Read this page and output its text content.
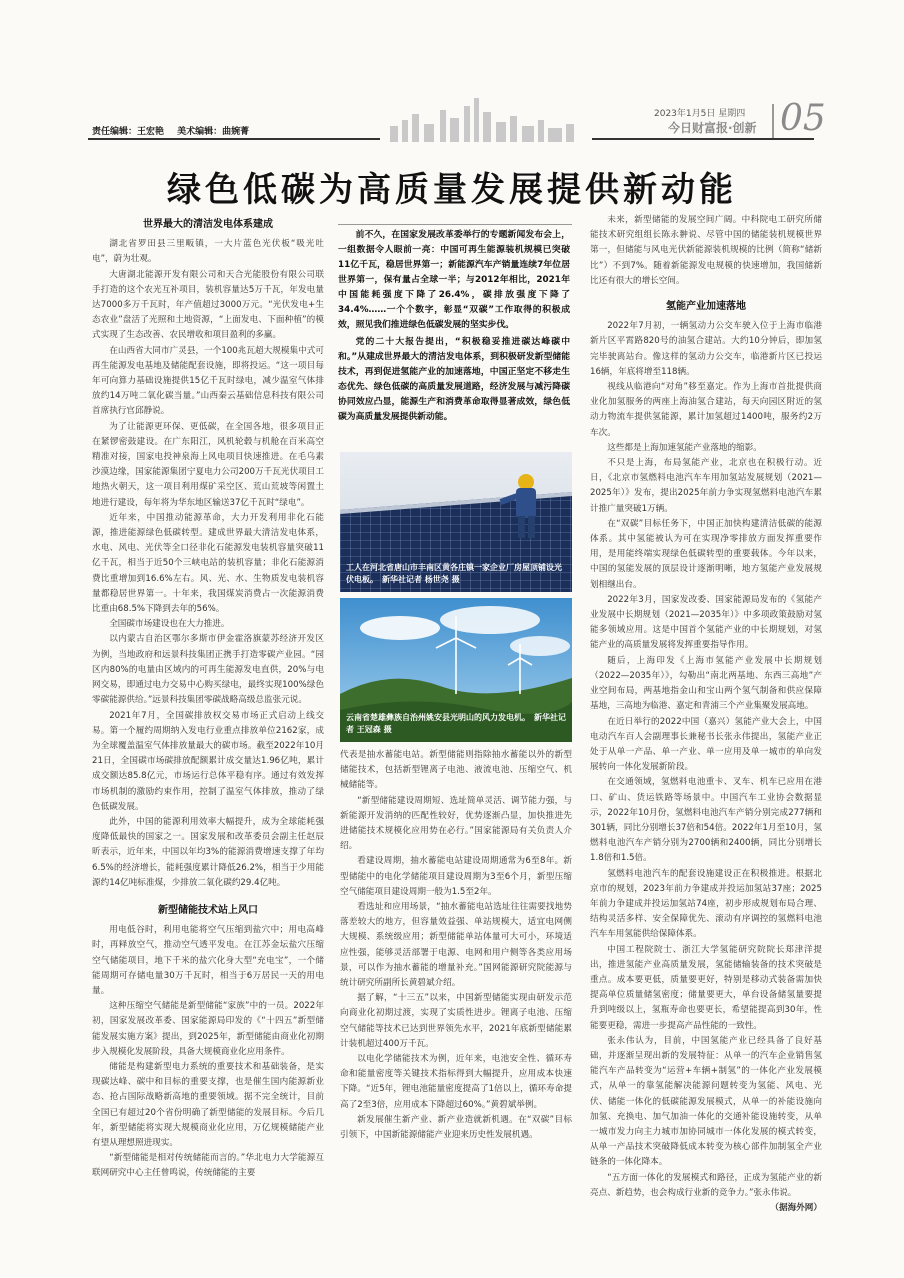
责任编辑：王宏艳 美术编辑：曲婉菁
2023年1月5日 星期四
今日财富报·创新 05
绿色低碳为高质量发展提供新动能
世界最大的清洁发电体系建成

湖北省罗田县三里畈镇，一大片蓝色光伏板“吸光吐电”，蔚为壮观。

大唐湖北能源开发有限公司和天合光能股份有限公司联手打造的这个农光互补项目，装机容量达5万千瓦，年发电量达7000多万千瓦时，年产值超过3000万元。“光伏发电+生态农业”盘活了光照和土地资源，“上面发电、下面种植”的模式实现了生态改善、农民增收和项目盈利的多赢。

在山西省大同市广灵县，一个100兆瓦超大规模集中式可再生能源发电基地及储能配套设施，即将投运。“这一项目每年可向算力基础设施提供15亿千瓦时绿电，减少温室气体排放约14万吨二氧化碳当量。”山西秦云基础信息科技有限公司首席执行官邱静说。

为了让能源更环保、更低碳，在全国各地，很多项目正在紧锣密鼓建设。在广东阳江，风机轮毂与机舱在百米高空精准对接，国家电投神泉海上风电项目快速推进。在毛乌素沙漠边缘，国家能源集团宁夏电力公司200万千瓦光伏项目工地热火朝天，这一项目利用煤矿采空区、荒山荒坡等闲置土地进行建设，每年将为华东地区输送37亿千瓦时“绿电”。

近年来，中国推动能源革命，大力开发利用非化石能源，推进能源绿色低碳转型。建成世界最大清洁发电体系，水电、风电、光伏等全口径非化石能源发电装机容量突破11亿千瓦，相当于近50个三峡电站的装机容量；非化石能源消费比重增加到16.6%左右。风、光、水、生物质发电装机容量都稳居世界第一。十年来，我国煤炭消费占一次能源消费比重由68.5%下降到去年的56%。

全国碳市场建设也在大力推进。

以内蒙古自治区鄂尔多斯市伊金霍洛旗蒙苏经济开发区为例，当地政府和远景科技集团正携手打造零碳产业园。“园区内80%的电量由区域内的可再生能源发电直供，20%与电网交易，即通过电力交易中心购买绿电，最终实现100%绿色零碳能源供给。”远景科技集团零碳战略高级总监张元说。

2021年7月，全国碳排放权交易市场正式启动上线交易。第一个履约周期纳入发电行业重点排放单位2162家，成为全球覆盖温室气体排放量最大的碳市场。截至2022年10月21日，全国碳市场碳排放配额累计成交量达1.96亿吨，累计成交额达85.8亿元，市场运行总体平稳有序。通过有效发挥市场机制的激励约束作用，控制了温室气体排放，推动了绿色低碳发展。

此外，中国的能源利用效率大幅提升，成为全球能耗强度降低最快的国家之一。国家发展和改革委员会副主任赵辰昕表示，近年来，中国以年均3%的能源消费增速支撑了年均6.5%的经济增长，能耗强度累计降低26.2%，相当于少用能源约14亿吨标准煤，少排放二氧化碳约29.4亿吨。

新型储能技术站上风口

用电低谷时，利用电能将空气压缩到盐穴中；用电高峰时，再释放空气，推动空气透平发电。在江苏金坛盐穴压缩空气储能项目，地下千米的盐穴化身大型“充电宝”，一个储能周期可存储电量30万千瓦时，相当于6万居民一天的用电量。

这种压缩空气储能是新型储能“家族”中的一员。2022年初，国家发展改革委、国家能源局印发的《“十四五”新型储能发展实施方案》提出，到2025年，新型储能由商业化初期步入规模化发展阶段，具备大规模商业化应用条件。

储能是构建新型电力系统的重要技术和基础装备，是实现碳达峰、碳中和目标的重要支撑，也是催生国内能源新业态、抢占国际战略新高地的重要领域。据不完全统计，目前全国已有超过20个省份明确了新型储能的发展目标。今后几年，新型储能将实现大规模商业化应用，万亿规模储能产业有望从理想照进现实。

“新型储能是相对传统储能而言的。”华北电力大学能源互联网研究中心主任曾鸣说，传统储能的主要

前不久，在国家发展改革委举行的专题新闻发布会上，一组数据令人眼前一亮：中国可再生能源装机规模已突破11亿千瓦，稳居世界第一；新能源汽车产销量连续7年位居世界第一，保有量占全球一半；与2012年相比，2021年中国能耗强度下降了26.4%，碳排放强度下降了34.4%……一个个数字，彰显“双碳”工作取得的积极成效，照见我们推进绿色低碳发展的坚实步伐。

党的二十大报告提出，“积极稳妥推进碳达峰碳中和。”从建成世界最大的清洁发电体系，到积极研发新型储能技术，再到促进氢能产业的加速落地，中国正坚定不移走生态优先、绿色低碳的高质量发展道路，经济发展与减污降碳协同效应凸显，能源生产和消费革命取得显著成效，绿色低碳为高质量发展提供新动能。

工人在河北省唐山市丰南区黄各庄镇一家企业厂房屋顶铺设光伏电板。　新华社记者 杨世尧 摄
云南省楚雄彝族自治州姚安县光明山的风力发电机。　新华社记者 王冠森 摄

代表是抽水蓄能电站。新型储能则指除抽水蓄能以外的新型储能技术，包括新型锂离子电池、液流电池、压缩空气、机械储能等。

“新型储能建设周期短、选址简单灵活、调节能力强，与新能源开发消纳的匹配性较好，优势逐渐凸显，加快推进先进储能技术规模化应用势在必行。”国家能源局有关负责人介绍。

看建设周期，抽水蓄能电站建设周期通常为6至8年。新型储能中的电化学储能项目建设周期为3至6个月，新型压缩空气储能项目建设周期一般为1.5至2年。

看选址和应用场景，“抽水蓄能电站选址往往需要找地势落差较大的地方，但容量效益强、单站规模大，适宜电网侧大规模、系统级应用；新型储能单站体量可大可小，环境适应性强，能够灵活部署于电源、电网和用户侧等各类应用场景，可以作为抽水蓄能的增量补充。”国网能源研究院能源与统计研究所副所长黄碧斌介绍。

据了解，“十三五”以来，中国新型储能实现由研发示范向商业化初期过渡，实现了实质性进步。锂离子电池、压缩空气储能等技术已达到世界领先水平，2021年底新型储能累计装机超过400万千瓦。

以电化学储能技术为例，近年来，电池安全性、循环寿命和能量密度等关键技术指标得到大幅提升，应用成本快速下降。“近5年，锂电池能量密度提高了1倍以上，循环寿命提高了2至3倍，应用成本下降超过60%。”黄碧斌举例。

新发展催生新产业、新产业造就新机遇。在“双碳”目标引领下，中国新能源储能产业迎来历史性发展机遇。

未来，新型储能的发展空间广阔。中科院电工研究所储能技术研究组组长陈永翀说、尽管中国的储能装机规模世界第一，但储能与风电光伏新能源装机规模的比例（简称“储新比”）不到7%。随着新能源发电规模的快速增加，我国储新比还有很大的增长空间。

氢能产业加速落地

2022年7月初，一辆氢动力公交车驶入位于上海市临港新片区平霄路820号的油氢合建站。大约10分钟后，即加氢完毕驶离站台。像这样的氢动力公交车，临港新片区已投运16辆，年底将增至118辆。

视线从临港向“对角”移至嘉定。作为上海市首批提供商业化加氢服务的两座上海油氢合建站，每天向园区附近的氢动力物流车提供氢能源，累计加氢超过1400吨，服务约2万车次。

这些都是上海加速氢能产业落地的缩影。

不只是上海，布局氢能产业，北京也在积极行动。近日，《北京市氢燃料电池汽车车用加氢站发展规划（2021—2025年）》发布，提出2025年前力争实现氢燃料电池汽车累计推广量突破1万辆。

在“双碳”目标任务下，中国正加快构建清洁低碳的能源体系。其中氢能被认为可在实现净零排放方面发挥重要作用，是用能终端实现绿色低碳转型的重要载体。今年以来，中国的氢能发展的顶层设计逐渐明晰，地方氢能产业发展规划相继出台。

2022年3月，国家发改委、国家能源局发布的《氢能产业发展中长期规划（2021—2035年）》中多项政策鼓励对氢能多领域应用。这是中国首个氢能产业的中长期规划，对氢能产业的高质量发展将发挥重要指导作用。

随后，上海印发《上海市氢能产业发展中长期规划（2022—2035年）》，勾勒出“南北两基地、东西三高地”产业空间布局，两基地指金山和宝山两个氢气制备和供应保障基地，三高地为临港、嘉定和青浦三个产业集聚发展高地。

在近日举行的2022中国（嘉兴）氢能产业大会上，中国电动汽车百人会副理事长兼秘书长张永伟提出，氢能产业正处于从单一产品、单一产业、单一应用及单一城市的单向发展转向一体化发展新阶段。

在交通领域，氢燃料电池重卡、叉车、机车已应用在港口、矿山、货运铁路等场景中。中国汽车工业协会数据显示，2022年10月份，氢燃料电池汽车产销分别完成277辆和301辆，同比分别增长37倍和54倍。2022年1月至10月，氢燃料电池汽车产销分别为2700辆和2400辆，同比分别增长1.8倍和1.5倍。

氢燃料电池汽车的配套设施建设正在积极推进。根据北京市的规划，2023年前力争建成并投运加氢站37座；2025年前力争建成并投运加氢站74座，初步形成规划布局合理、结构灵活多样、安全保障优先、滚动有序调控的氢燃料电池汽车车用氢能供给保障体系。

中国工程院院士、浙江大学氢能研究院院长郑津洋提出，推进氢能产业高质量发展，氢能储输装备的技术突破是重点。成本要更低，质量要更好，特别是移动式装备需加快提高单位质量储氢密度；储量要更大，单台设备储氢量要提升到吨级以上，氢瓶寿命也要更长，希望能提高到30年，性能要更稳，需进一步提高产品性能的一致性。

张永伟认为，目前，中国氢能产业已经具备了良好基础，并逐渐呈现出新的发展特征：从单一的汽车企业销售氢能汽车产品转变为“运营+车辆+制氢”的一体化产业发展模式，从单一的靠氢能解决能源问题转变为氢能、风电、光伏、储能一体化的低碳能源发展模式，从单一的补能设施向加氢、充换电、加气加油一体化的交通补能设施转变，从单一城市发力向主力城市加协同城市一体化发展的模式转变，从单一产品技术突破降低成本转变为核心部件加制氢全产业链条的一体化降本。

“五方面一体化的发展模式和路径，正成为氢能产业的新亮点、新趋势，也会构成行业新的竞争力。”张永伟说。

（据海外网）
